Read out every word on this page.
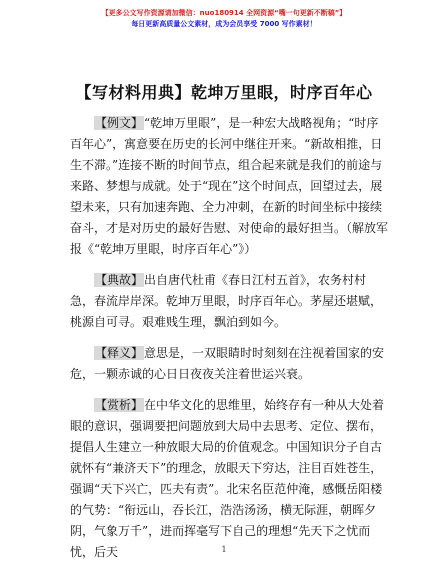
【更多公文写作资源请加微信：nuo180914 全网资源“嘴一句更新不断稿”】
每日更新高质量公文素材，成为会员享受 7000 写作素材！
【写材料用典】乾坤万里眼，时序百年心

【例文】“乾坤万里眼”，是一种宏大战略视角；“时序百年心”，寓意要在历史的长河中继往开来。“新故相推，日生不滞。”连接不断的时间节点，组合起来就是我们的前途与来路、梦想与成就。处于“现在”这个时间点，回望过去，展望未来，只有加速奔跑、全力冲刺，在新的时间坐标中接续奋斗，才是对历史的最好告慰、对使命的最好担当。（解放军报《“乾坤万里眼，时序百年心”》）

【典故】出自唐代杜甫《春日江村五首》，农务村村急，春流岸岸深。乾坤万里眼，时序百年心。茅屋还堪赋，桃源自可寻。艰难贱生理，飘泊到如今。

【释义】意思是，一双眼睛时时刻刻在注视着国家的安危，一颗赤诚的心日日夜夜关注着世运兴衰。

【赏析】在中华文化的思维里，始终存有一种从大处着眼的意识，强调要把问题放到大局中去思考、定位、摆布，提倡人生建立一种放眼大局的价值观念。中国知识分子自古就怀有“兼济天下”的理念，放眼天下穷达，注目百姓苍生，强调“天下兴亡，匹夫有责”。北宋名臣范仲淹，感慨岳阳楼的气势：“衔远山，吞长江，浩浩汤汤，横无际涯，朝晖夕阴，气象万千”，进而挥毫写下自己的理想“先天下之忧而忧，后天	1
